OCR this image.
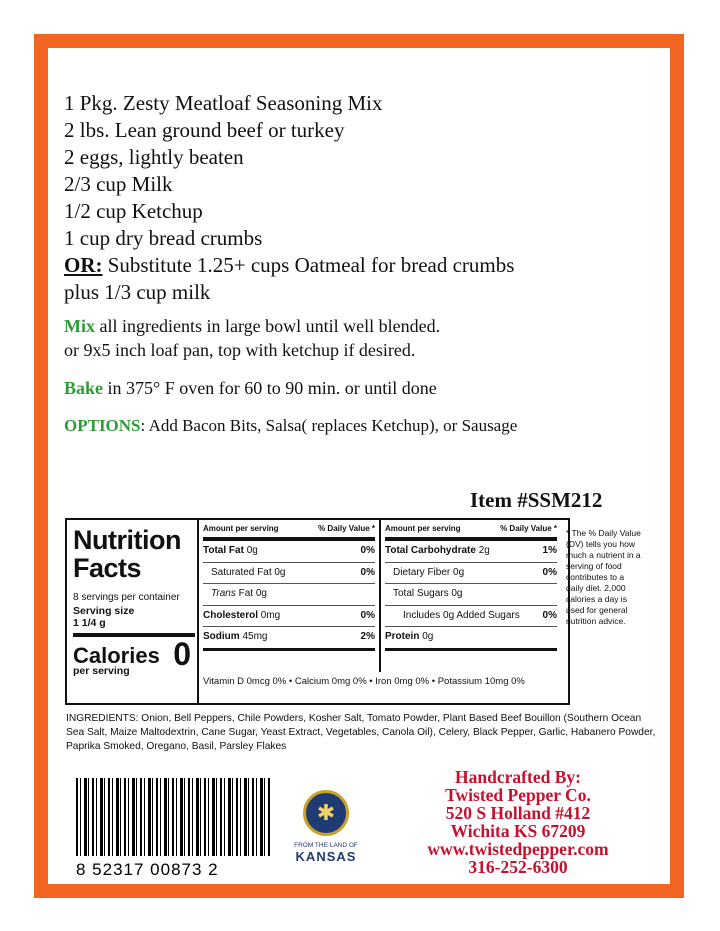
1 Pkg. Zesty Meatloaf Seasoning Mix
2 lbs. Lean ground beef or turkey
2 eggs, lightly beaten
2/3 cup Milk
1/2 cup Ketchup
1 cup dry bread crumbs
OR: Substitute 1.25+ cups Oatmeal for bread crumbs
plus 1/3 cup milk
Mix all ingredients in large bowl until well blended.
or 9x5 inch loaf pan, top with ketchup if desired.
Bake in 375° F oven for 60 to 90 min. or until done
OPTIONS: Add Bacon Bits, Salsa( replaces Ketchup), or Sausage
Item #SSM212
Nutrition
Facts
8 servings per container
Serving size
1 1/4 g
Calories 0
per serving
Amount per serving	% Daily Value *
Total Fat 0g	0%
Saturated Fat 0g	0%
Trans Fat 0g
Cholesterol 0mg	0%
Sodium 45mg	2%
Amount per serving	% Daily Value *
Total Carbohydrate 2g	1%
Dietary Fiber 0g	0%
Total Sugars 0g
Includes 0g Added Sugars 0%
Protein 0g
Vitamin D 0mcg 0% • Calcium 0mg 0% • Iron 0mg 0% • Potassium 10mg 0%
* The % Daily Value (DV) tells you how much a nutrient in a serving of food contributes to a daily diet. 2,000 calories a day is used for general nutrition advice.
INGREDIENTS: Onion, Bell Peppers, Chile Powders, Kosher Salt, Tomato Powder, Plant Based Beef Bouillon (Southern Ocean Sea Salt, Maize Maltodextrin, Cane Sugar, Yeast Extract, Vegetables, Canola Oil), Celery, Black Pepper, Garlic, Habanero Powder, Paprika Smoked, Oregano, Basil, Parsley Flakes
8 52317 00873 2
✱
FROM THE LAND OF
KANSAS
Handcrafted By:
Twisted Pepper Co.
520 S Holland #412
Wichita KS 67209
www.twistedpepper.com
316-252-6300
